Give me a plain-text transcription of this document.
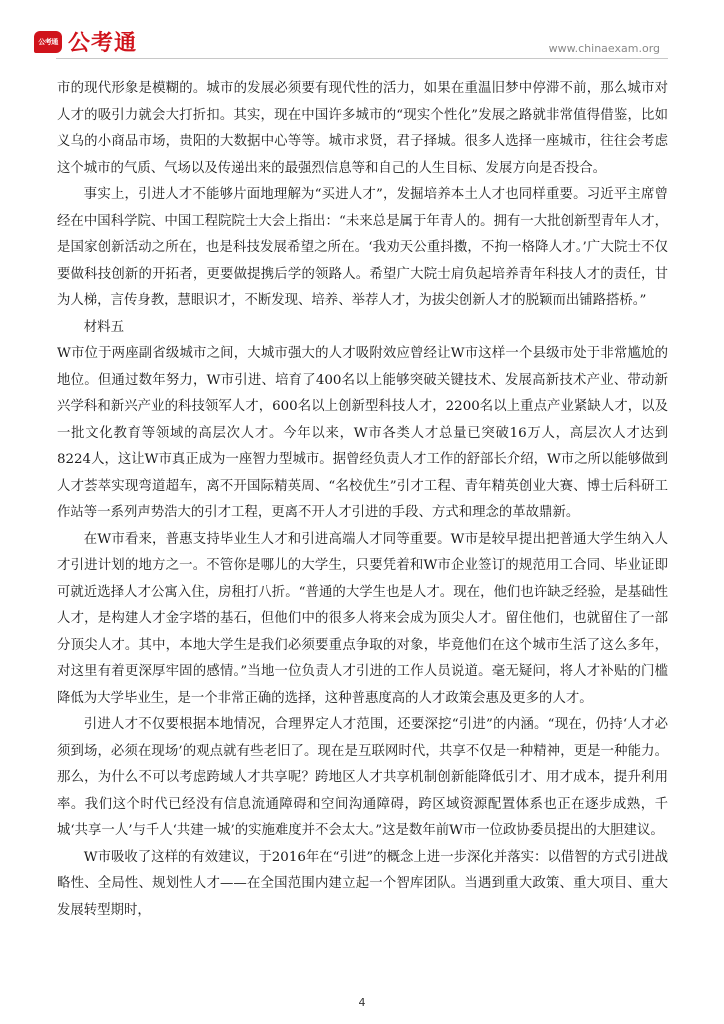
公考通 公考通	www.chinaexam.org

市的现代形象是模糊的。城市的发展必须要有现代性的活力，如果在重温旧梦中停滞不前，那么城市对人才的吸引力就会大打折扣。其实，现在中国许多城市的“现实个性化”发展之路就非常值得借鉴，比如义乌的小商品市场，贵阳的大数据中心等等。城市求贤，君子择城。很多人选择一座城市，往往会考虑这个城市的气质、气场以及传递出来的最强烈信息等和自己的人生目标、发展方向是否投合。

事实上，引进人才不能够片面地理解为“买进人才”，发掘培养本土人才也同样重要。习近平主席曾经在中国科学院、中国工程院院士大会上指出：“未来总是属于年青人的。拥有一大批创新型青年人才，是国家创新活动之所在，也是科技发展希望之所在。‘我劝天公重抖擞，不拘一格降人才。’广大院士不仅要做科技创新的开拓者，更要做提携后学的领路人。希望广大院士肩负起培养青年科技人才的责任，甘为人梯，言传身教，慧眼识才，不断发现、培养、举荐人才，为拔尖创新人才的脱颖而出铺路搭桥。”

材料五

W市位于两座副省级城市之间，大城市强大的人才吸附效应曾经让W市这样一个县级市处于非常尴尬的地位。但通过数年努力，W市引进、培育了400名以上能够突破关键技术、发展高新技术产业、带动新兴学科和新兴产业的科技领军人才，600名以上创新型科技人才，2200名以上重点产业紧缺人才，以及一批文化教育等领域的高层次人才。今年以来，W市各类人才总量已突破16万人，高层次人才达到8224人，这让W市真正成为一座智力型城市。据曾经负责人才工作的舒部长介绍，W市之所以能够做到人才荟萃实现弯道超车，离不开国际精英周、“名校优生”引才工程、青年精英创业大赛、博士后科研工作站等一系列声势浩大的引才工程，更离不开人才引进的手段、方式和理念的革故鼎新。

在W市看来，普惠支持毕业生人才和引进高端人才同等重要。W市是较早提出把普通大学生纳入人才引进计划的地方之一。不管你是哪儿的大学生，只要凭着和W市企业签订的规范用工合同、毕业证即可就近选择人才公寓入住，房租打八折。“普通的大学生也是人才。现在，他们也许缺乏经验，是基础性人才，是构建人才金字塔的基石，但他们中的很多人将来会成为顶尖人才。留住他们，也就留住了一部分顶尖人才。其中，本地大学生是我们必须要重点争取的对象，毕竟他们在这个城市生活了这么多年，对这里有着更深厚牢固的感情。”当地一位负责人才引进的工作人员说道。毫无疑问，将人才补贴的门槛降低为大学毕业生，是一个非常正确的选择，这种普惠度高的人才政策会惠及更多的人才。

引进人才不仅要根据本地情况，合理界定人才范围，还要深挖“引进”的内涵。“现在，仍持‘人才必须到场，必须在现场’的观点就有些老旧了。现在是互联网时代，共享不仅是一种精神，更是一种能力。那么，为什么不可以考虑跨域人才共享呢？跨地区人才共享机制创新能降低引才、用才成本，提升利用率。我们这个时代已经没有信息流通障碍和空间沟通障碍，跨区域资源配置体系也正在逐步成熟，千城‘共享一人’与千人‘共建一城’的实施难度并不会太大。”这是数年前W市一位政协委员提出的大胆建议。

W市吸收了这样的有效建议，于2016年在“引进”的概念上进一步深化并落实：以借智的方式引进战略性、全局性、规划性人才——在全国范围内建立起一个智库团队。当遇到重大政策、重大项目、重大发展转型期时，

4
